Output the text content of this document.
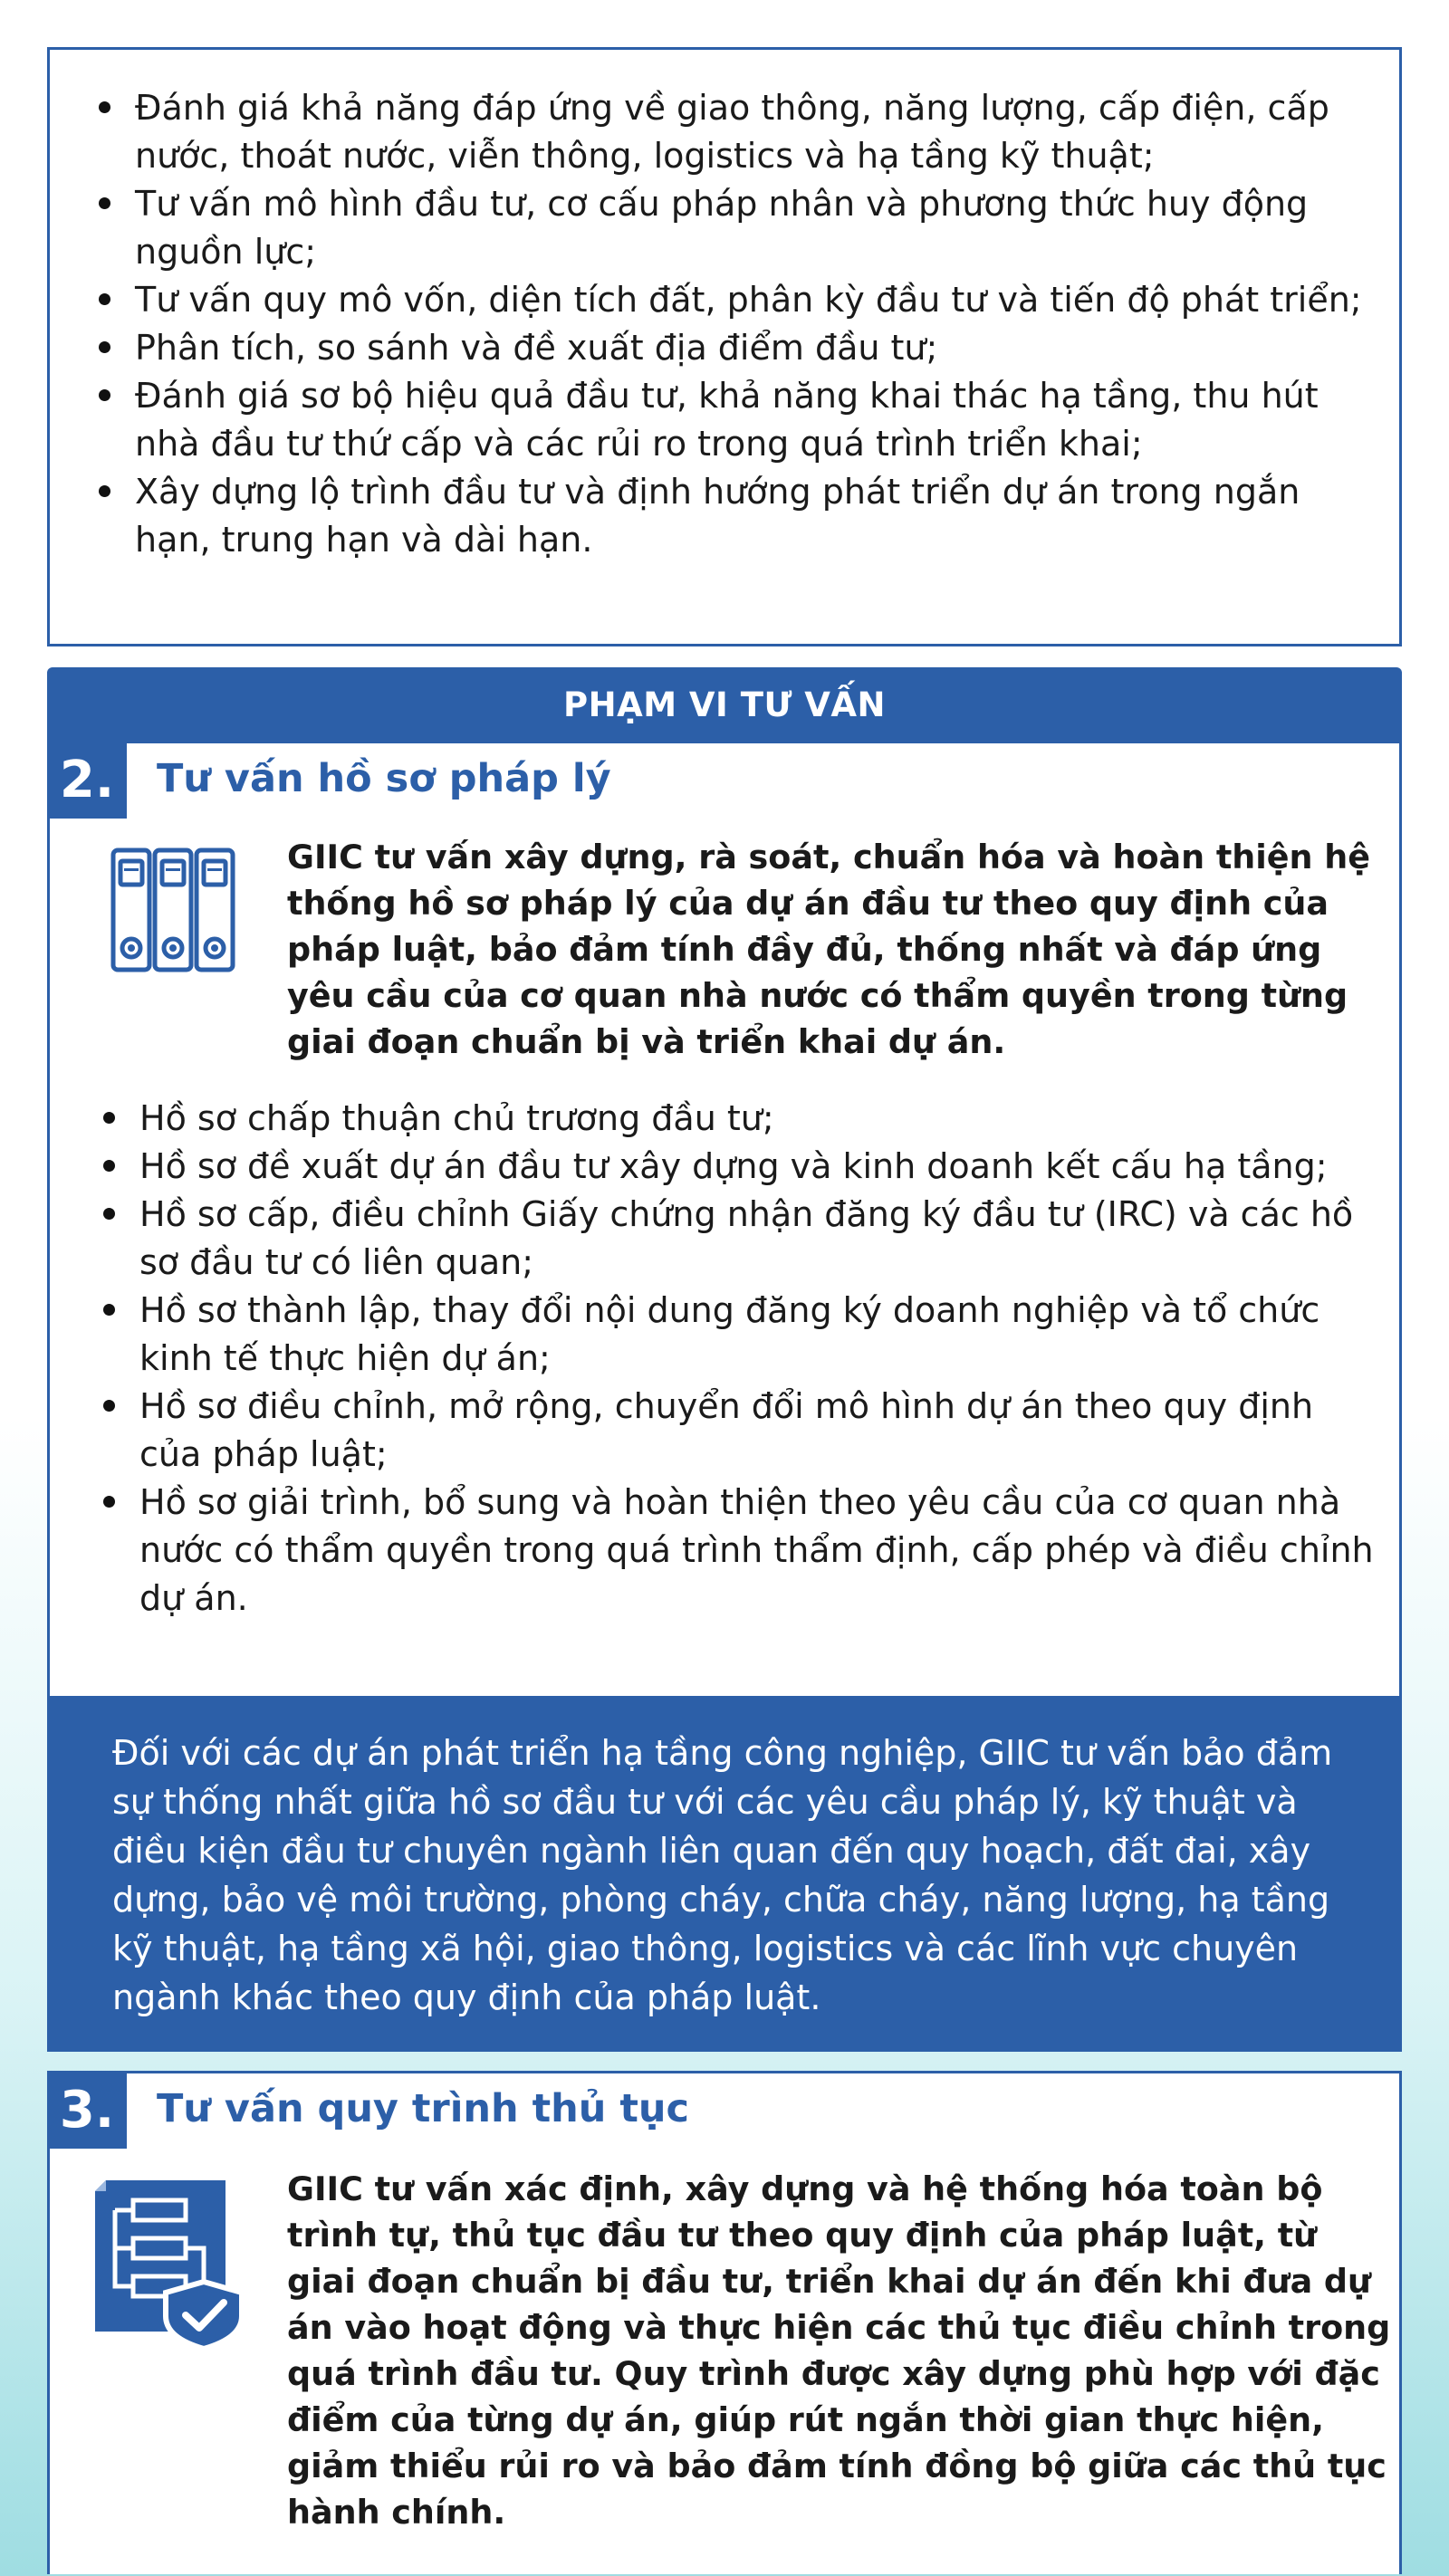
Đánh giá khả năng đáp ứng về giao thông, năng lượng, cấp điện, cấp nước, thoát nước, viễn thông, logistics và hạ tầng kỹ thuật;
Tư vấn mô hình đầu tư, cơ cấu pháp nhân và phương thức huy động nguồn lực;
Tư vấn quy mô vốn, diện tích đất, phân kỳ đầu tư và tiến độ phát triển;
Phân tích, so sánh và đề xuất địa điểm đầu tư;
Đánh giá sơ bộ hiệu quả đầu tư, khả năng khai thác hạ tầng, thu hút nhà đầu tư thứ cấp và các rủi ro trong quá trình triển khai;
Xây dựng lộ trình đầu tư và định hướng phát triển dự án trong ngắn hạn, trung hạn và dài hạn.
PHẠM VI TƯ VẤN
2.	Tư vấn hồ sơ pháp lý
GIIC tư vấn xây dựng, rà soát, chuẩn hóa và hoàn thiện hệ thống hồ sơ pháp lý của dự án đầu tư theo quy định của pháp luật, bảo đảm tính đầy đủ, thống nhất và đáp ứng yêu cầu của cơ quan nhà nước có thẩm quyền trong từng giai đoạn chuẩn bị và triển khai dự án.
Hồ sơ chấp thuận chủ trương đầu tư;
Hồ sơ đề xuất dự án đầu tư xây dựng và kinh doanh kết cấu hạ tầng;
Hồ sơ cấp, điều chỉnh Giấy chứng nhận đăng ký đầu tư (IRC) và các hồ sơ đầu tư có liên quan;
Hồ sơ thành lập, thay đổi nội dung đăng ký doanh nghiệp và tổ chức kinh tế thực hiện dự án;
Hồ sơ điều chỉnh, mở rộng, chuyển đổi mô hình dự án theo quy định của pháp luật;
Hồ sơ giải trình, bổ sung và hoàn thiện theo yêu cầu của cơ quan nhà nước có thẩm quyền trong quá trình thẩm định, cấp phép và điều chỉnh dự án.
Đối với các dự án phát triển hạ tầng công nghiệp, GIIC tư vấn bảo đảm sự thống nhất giữa hồ sơ đầu tư với các yêu cầu pháp lý, kỹ thuật và điều kiện đầu tư chuyên ngành liên quan đến quy hoạch, đất đai, xây dựng, bảo vệ môi trường, phòng cháy, chữa cháy, năng lượng, hạ tầng kỹ thuật, hạ tầng xã hội, giao thông, logistics và các lĩnh vực chuyên ngành khác theo quy định của pháp luật.
3.	Tư vấn quy trình thủ tục
GIIC tư vấn xác định, xây dựng và hệ thống hóa toàn bộ trình tự, thủ tục đầu tư theo quy định của pháp luật, từ giai đoạn chuẩn bị đầu tư, triển khai dự án đến khi đưa dự án vào hoạt động và thực hiện các thủ tục điều chỉnh trong quá trình đầu tư. Quy trình được xây dựng phù hợp với đặc điểm của từng dự án, giúp rút ngắn thời gian thực hiện, giảm thiểu rủi ro và bảo đảm tính đồng bộ giữa các thủ tục hành chính.
